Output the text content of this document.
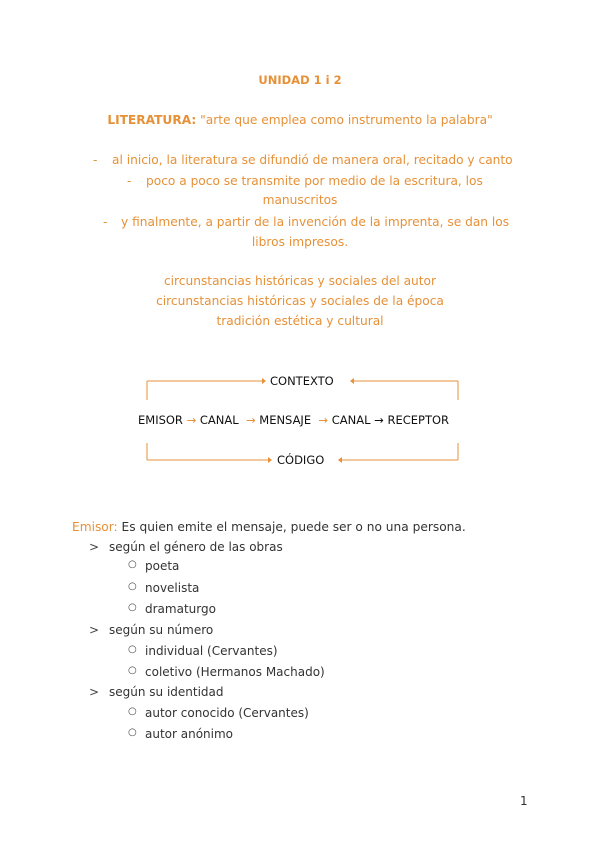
UNIDAD 1 i 2
LITERATURA: "arte que emplea como instrumento la palabra"
- al inicio, la literatura se difundió de manera oral, recitado y canto
- poco a poco se transmite por medio de la escritura, los
manuscritos
- y finalmente, a partir de la invención de la imprenta, se dan los
libros impresos.
circunstancias históricas y sociales del autor
circunstancias históricas y sociales de la época
tradición estética y cultural
CONTEXTO
EMISOR → CANAL → MENSAJE → CANAL → RECEPTOR
CÓDIGO
Emisor: Es quien emite el mensaje, puede ser o no una persona.
> según el género de las obras
○ poeta
○ novelista
○ dramaturgo
> según su número
○ individual (Cervantes)
○ coletivo (Hermanos Machado)
> según su identidad
○ autor conocido (Cervantes)
○ autor anónimo
1
